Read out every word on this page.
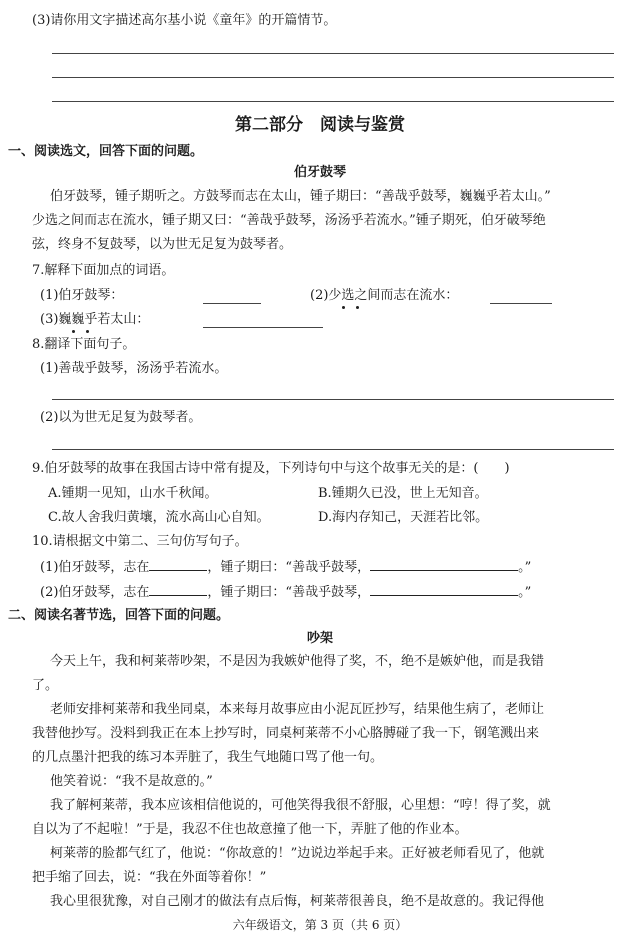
(3)请你用文字描述高尔基小说《童年》的开篇情节。
第二部分　阅读与鉴赏
一、阅读选文，回答下面的问题。
伯牙鼓琴
伯牙鼓琴，锺子期听之。方鼓琴而志在太山，锺子期曰：“善哉乎鼓琴，巍巍乎若太山。”
少选之间而志在流水，锺子期又曰：“善哉乎鼓琴，汤汤乎若流水。”锺子期死，伯牙破琴绝
弦，终身不复鼓琴，以为世无足复为鼓琴者。
7.解释下面加点的词语。
(1)伯牙鼓琴：	(2)少选之间而志在流水：
(3)巍巍乎若太山：
8.翻译下面句子。
(1)善哉乎鼓琴，汤汤乎若流水。
(2)以为世无足复为鼓琴者。
9.伯牙鼓琴的故事在我国古诗中常有提及，下列诗句中与这个故事无关的是：(　　)
A.锺期一见知，山水千秋闻。	B.锺期久已没，世上无知音。
C.故人舍我归黄壤，流水高山心自知。	D.海内存知己，天涯若比邻。
10.请根据文中第二、三句仿写句子。
(1)伯牙鼓琴，志在	，锺子期曰：“善哉乎鼓琴，	。”
(2)伯牙鼓琴，志在	，锺子期曰：“善哉乎鼓琴，	。”
二、阅读名著节选，回答下面的问题。
吵架
今天上午，我和柯莱蒂吵架，不是因为我嫉妒他得了奖，不，绝不是嫉妒他，而是我错
了。
老师安排柯莱蒂和我坐同桌，本来每月故事应由小泥瓦匠抄写，结果他生病了，老师让
我替他抄写。没料到我正在本上抄写时，同桌柯莱蒂不小心胳膊碰了我一下，钢笔溅出来
的几点墨汁把我的练习本弄脏了，我生气地随口骂了他一句。
他笑着说：“我不是故意的。”
我了解柯莱蒂，我本应该相信他说的，可他笑得我很不舒服，心里想：“哼！得了奖，就
自以为了不起啦！”于是，我忍不住也故意撞了他一下，弄脏了他的作业本。
柯莱蒂的脸都气红了，他说：“你故意的！”边说边举起手来。正好被老师看见了，他就
把手缩了回去，说：“我在外面等着你！”
我心里很犹豫，对自己刚才的做法有点后悔，柯莱蒂很善良，绝不是故意的。我记得他
六年级语文，第 3 页（共 6 页）
